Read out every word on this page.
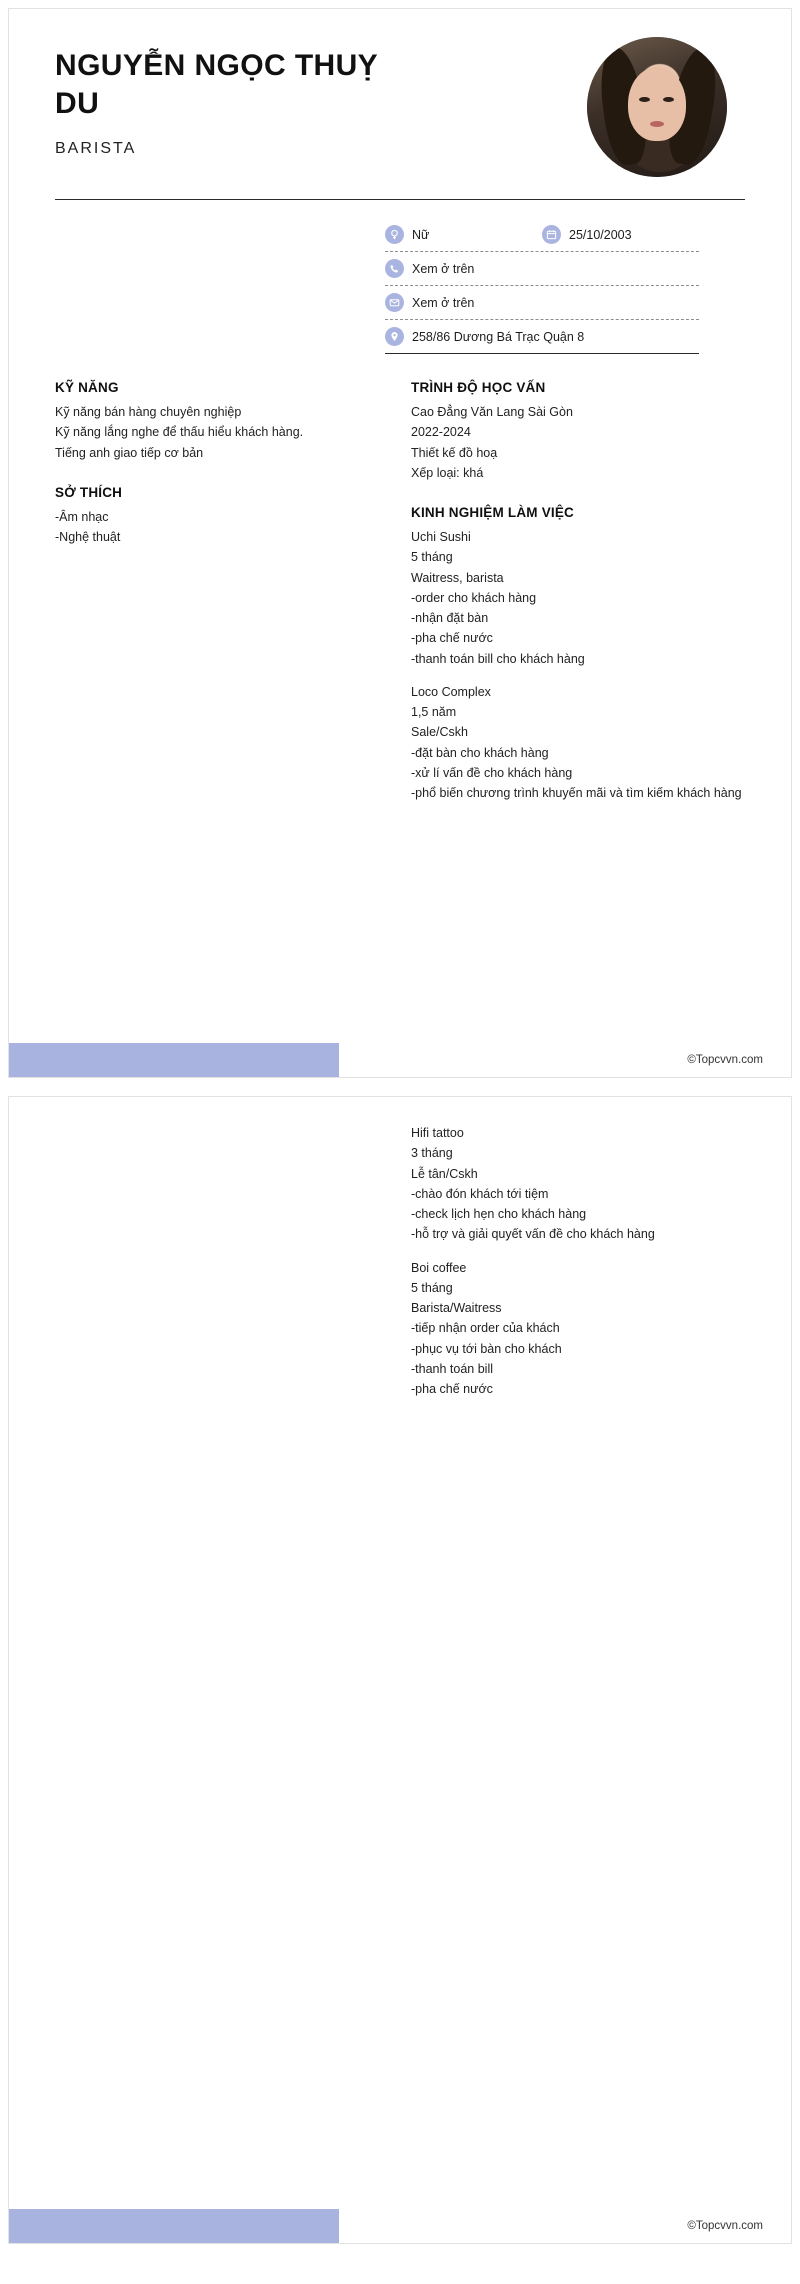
NGUYỄN NGỌC THUỴ DU
BARISTA
Nữ	25/10/2003
Xem ở trên
Xem ở trên
258/86 Dương Bá Trạc Quận 8
KỸ NĂNG
Kỹ năng bán hàng chuyên nghiệp
Kỹ năng lắng nghe để thấu hiểu khách hàng.
Tiếng anh giao tiếp cơ bản
SỞ THÍCH
-Âm nhạc
-Nghệ thuật
TRÌNH ĐỘ HỌC VẤN
Cao Đẳng Văn Lang Sài Gòn
2022-2024
Thiết kế đồ hoạ
Xếp loại: khá
KINH NGHIỆM LÀM VIỆC
Uchi Sushi
5 tháng
Waitress, barista
-order cho khách hàng
-nhận đặt bàn
-pha chế nước
-thanh toán bill cho khách hàng
Loco Complex
1,5 năm
Sale/Cskh
-đặt bàn cho khách hàng
-xử lí vấn đề cho khách hàng
-phổ biến chương trình khuyến mãi và tìm kiếm khách hàng
©Topcvvn.com
Hifi tattoo
3 tháng
Lễ tân/Cskh
-chào đón khách tới tiệm
-check lịch hẹn cho khách hàng
-hỗ trợ và giải quyết vấn đề cho khách hàng
Boi coffee
5 tháng
Barista/Waitress
-tiếp nhận order của khách
-phục vụ tới bàn cho khách
-thanh toán bill
-pha chế nước
©Topcvvn.com
